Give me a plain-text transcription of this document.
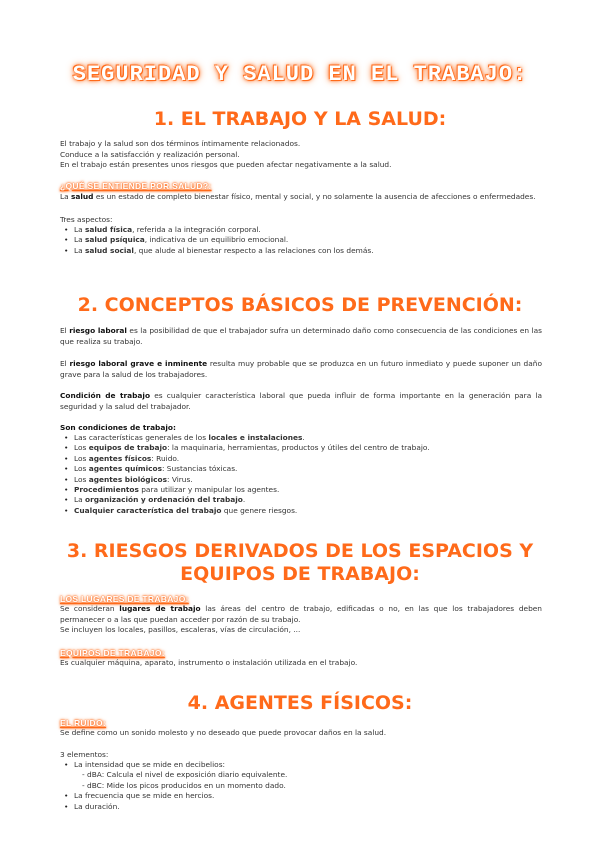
SEGURIDAD Y SALUD EN EL TRABAJO:
1. EL TRABAJO Y LA SALUD:
El trabajo y la salud son dos términos íntimamente relacionados.
Conduce a la satisfacción y realización personal.
En el trabajo están presentes unos riesgos que pueden afectar negativamente a la salud.
¿QUÉ SE ENTIENDE POR SALUD?:
La salud es un estado de completo bienestar físico, mental y social, y no solamente la ausencia de afecciones o enfermedades.
Tres aspectos:
• La salud física, referida a la integración corporal.
• La salud psíquica, indicativa de un equilibrio emocional.
• La salud social, que alude al bienestar respecto a las relaciones con los demás.
2. CONCEPTOS BÁSICOS DE PREVENCIÓN:
El riesgo laboral es la posibilidad de que el trabajador sufra un determinado daño como consecuencia de las condiciones en las que realiza su trabajo.
El riesgo laboral grave e inminente resulta muy probable que se produzca en un futuro inmediato y puede suponer un daño grave para la salud de los trabajadores.
Condición de trabajo es cualquier característica laboral que pueda influir de forma importante en la generación para la seguridad y la salud del trabajador.
Son condiciones de trabajo:
• Las características generales de los locales e instalaciones.
• Los equipos de trabajo: la maquinaria, herramientas, productos y útiles del centro de trabajo.
• Los agentes físicos: Ruido.
• Los agentes químicos: Sustancias tóxicas.
• Los agentes biológicos: Virus.
• Procedimientos para utilizar y manipular los agentes.
• La organización y ordenación del trabajo.
• Cualquier característica del trabajo que genere riesgos.
3. RIESGOS DERIVADOS DE LOS ESPACIOS Y
EQUIPOS DE TRABAJO:
LOS LUGARES DE TRABAJO:
Se consideran lugares de trabajo las áreas del centro de trabajo, edificadas o no, en las que los trabajadores deben permanecer o a las que puedan acceder por razón de su trabajo.
Se incluyen los locales, pasillos, escaleras, vías de circulación, ...
EQUIPOS DE TRABAJO:
Es cualquier máquina, aparato, instrumento o instalación utilizada en el trabajo.
4. AGENTES FÍSICOS:
EL RUIDO:
Se define como un sonido molesto y no deseado que puede provocar daños en la salud.
3 elementos:
• La intensidad que se mide en decibelios:
- dBA: Calcula el nivel de exposición diario equivalente.
- dBC: Mide los picos producidos en un momento dado.
• La frecuencia que se mide en hercios.
• La duración.
